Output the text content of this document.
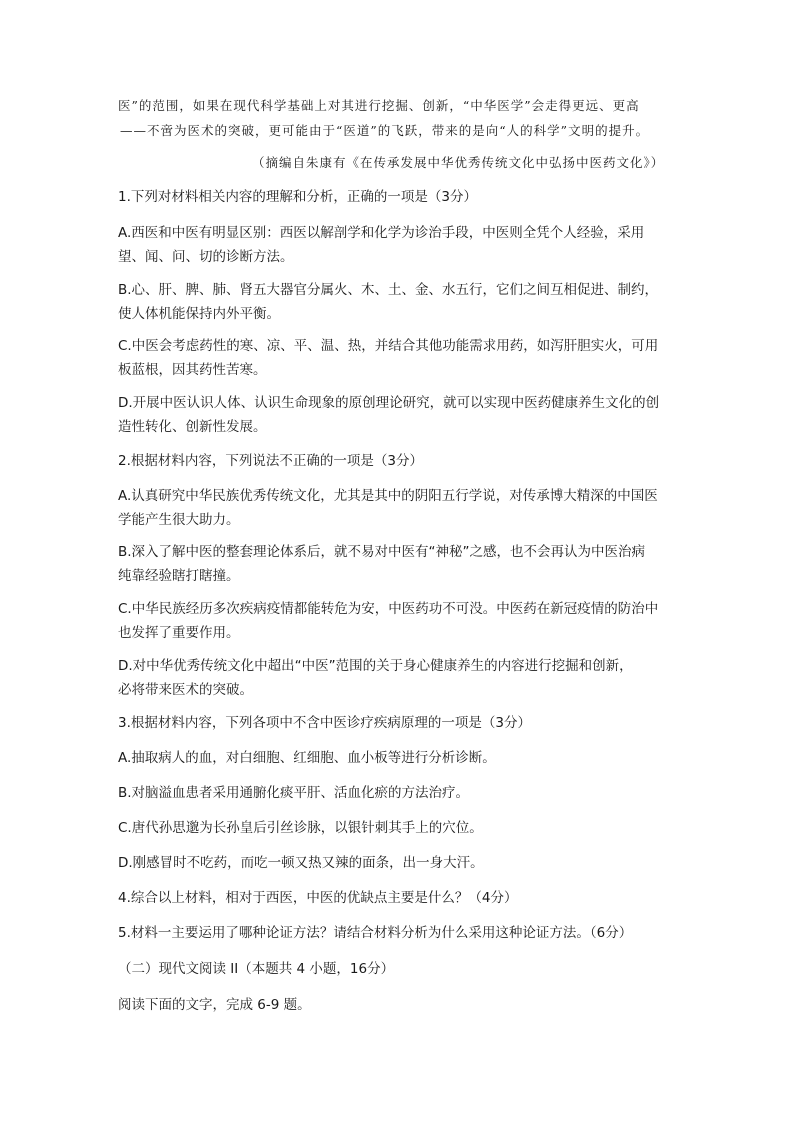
医”的范围，如果在现代科学基础上对其进行挖掘、创新，“中华医学”会走得更远、更高
——不啻为医术的突破，更可能由于“医道”的飞跃，带来的是向“人的科学”文明的提升。
（摘编自朱康有《在传承发展中华优秀传统文化中弘扬中医药文化》）
1.下列对材料相关内容的理解和分析，正确的一项是（3分）
A.西医和中医有明显区别：西医以解剖学和化学为诊治手段，中医则全凭个人经验，采用
望、闻、问、切的诊断方法。
B.心、肝、脾、肺、肾五大器官分属火、木、土、金、水五行，它们之间互相促进、制约，
使人体机能保持内外平衡。
C.中医会考虑药性的寒、凉、平、温、热，并结合其他功能需求用药，如泻肝胆实火，可用
板蓝根，因其药性苦寒。
D.开展中医认识人体、认识生命现象的原创理论研究，就可以实现中医药健康养生文化的创
造性转化、创新性发展。
2.根据材料内容，下列说法不正确的一项是（3分）
A.认真研究中华民族优秀传统文化，尤其是其中的阴阳五行学说，对传承博大精深的中国医
学能产生很大助力。
B.深入了解中医的整套理论体系后，就不易对中医有“神秘”之感，也不会再认为中医治病
纯靠经验瞎打瞎撞。
C.中华民族经历多次疾病疫情都能转危为安，中医药功不可没。中医药在新冠疫情的防治中
也发挥了重要作用。
D.对中华优秀传统文化中超出“中医”范围的关于身心健康养生的内容进行挖掘和创新，
必将带来医术的突破。
3.根据材料内容，下列各项中不含中医诊疗疾病原理的一项是（3分）
A.抽取病人的血，对白细胞、红细胞、血小板等进行分析诊断。
B.对脑溢血患者采用通腑化痰平肝、活血化瘀的方法治疗。
C.唐代孙思邈为长孙皇后引丝诊脉，以银针刺其手上的穴位。
D.刚感冒时不吃药，而吃一顿又热又辣的面条，出一身大汗。
4.综合以上材料，相对于西医，中医的优缺点主要是什么？（4分）
5.材料一主要运用了哪种论证方法？请结合材料分析为什么采用这种论证方法。（6分）
（二）现代文阅读 II（本题共 4 小题，16分）
阅读下面的文字，完成 6-9 题。
